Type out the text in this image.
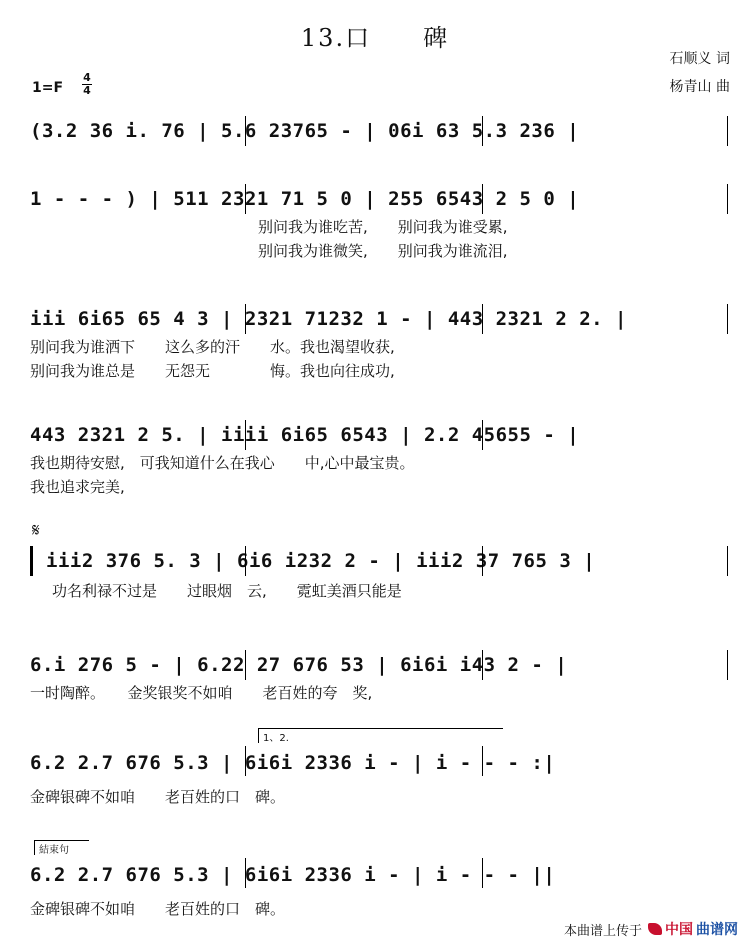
13.口　　碑
石顺义 词
杨青山 曲
1=F
4
4
(3.2 36 i. 76 | 5.6 23765 - | 06i 63 5.3 236 |
1 - - - ) | 511 2321 71 5 0 | 255 6543 2 5 0 |
别问我为谁吃苦,　　别问我为谁受累,
别问我为谁微笑,　　别问我为谁流泪,
iii 6i65 65 4 3 | 2321 71232 1 - | 443 2321 2 2. |
别问我为谁洒下　　这么多的汗　　水。我也渴望收获,
别问我为谁总是　　无怨无　　　　悔。我也向往成功,
443 2321 2 5. | iiii 6i65 6543 | 2.2 45655 - |
我也期待安慰,　可我知道什么在我心　　中,心中最宝贵。
我也追求完美,
𝄋
iii2 376 5. 3 | 6i6 i232 2 - | iii2 37 765 3 |
功名利禄不过是　　过眼烟　云,　　霓虹美酒只能是
6.i 276 5 - | 6.22 27 676 53 | 6i6i i43 2 - |
一时陶醉。　　金奖银奖不如咱　　老百姓的夸　奖,
1、2.
6.2 2.7 676 5.3 | 6i6i 2336 i - | i - - - :|
金碑银碑不如咱　　老百姓的口　碑。
結束句
6.2 2.7 676 5.3 | 6i6i 2336 i - | i - - - ||
金碑银碑不如咱　　老百姓的口　碑。
本曲谱上传于 中国 曲谱网
